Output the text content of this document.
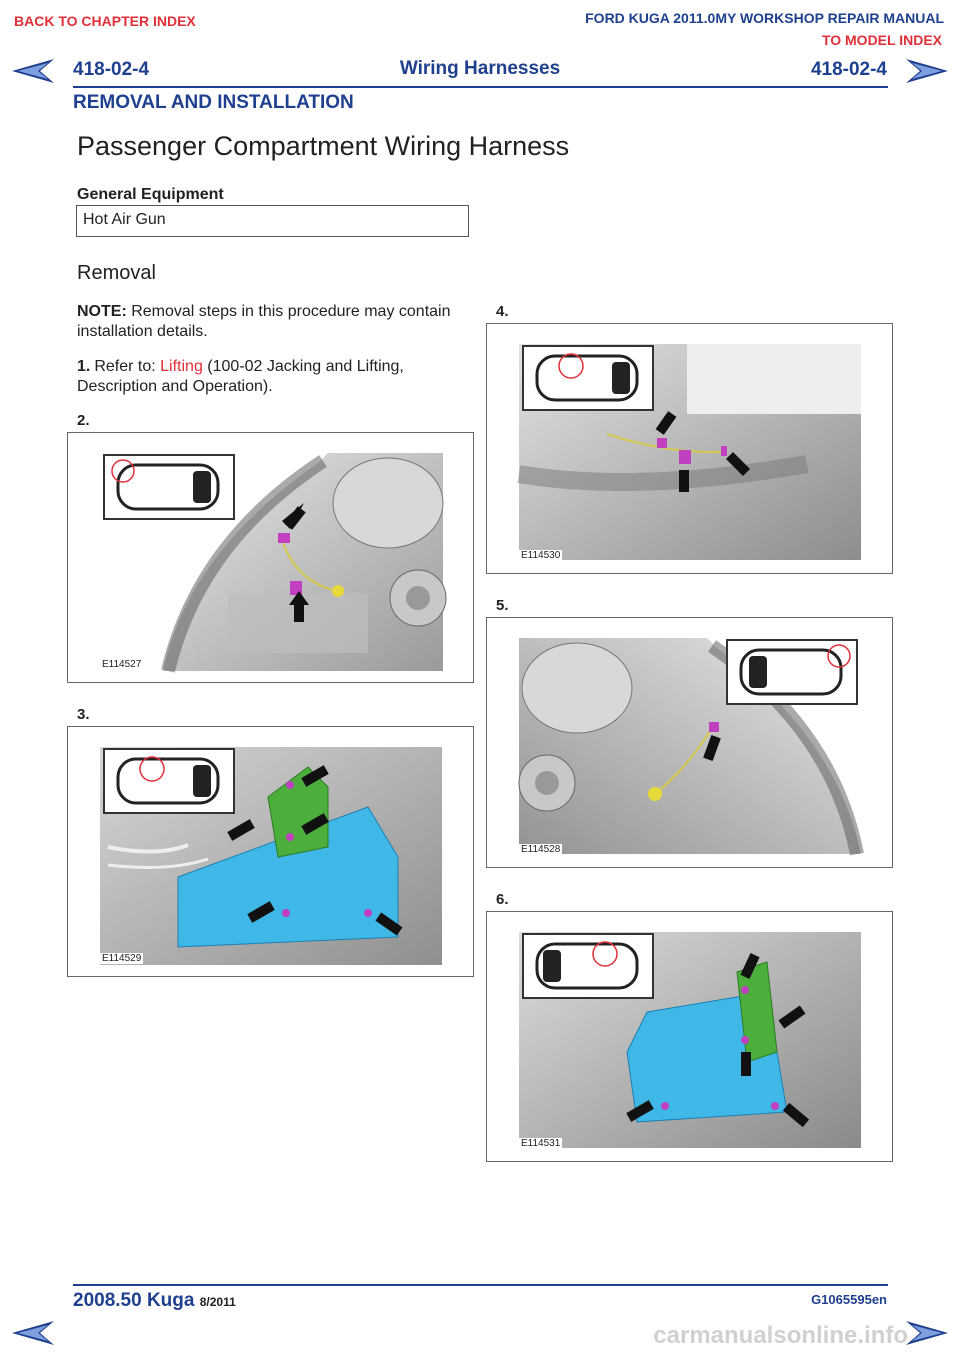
BACK TO CHAPTER INDEX	FORD KUGA 2011.0MY WORKSHOP REPAIR MANUAL
TO MODEL INDEX
418-02-4	Wiring Harnesses	418-02-4
REMOVAL AND INSTALLATION
Passenger Compartment Wiring Harness
General Equipment
Hot Air Gun
Removal
NOTE: Removal steps in this procedure may contain installation details.
1. Refer to: Lifting (100-02 Jacking and Lifting, Description and Operation).
2.
3.
4.
5.
6.
E114527
E114529
E114530
E114528
E114531
2008.50 Kuga 8/2011	G1065595en
carmanualsonline.info
